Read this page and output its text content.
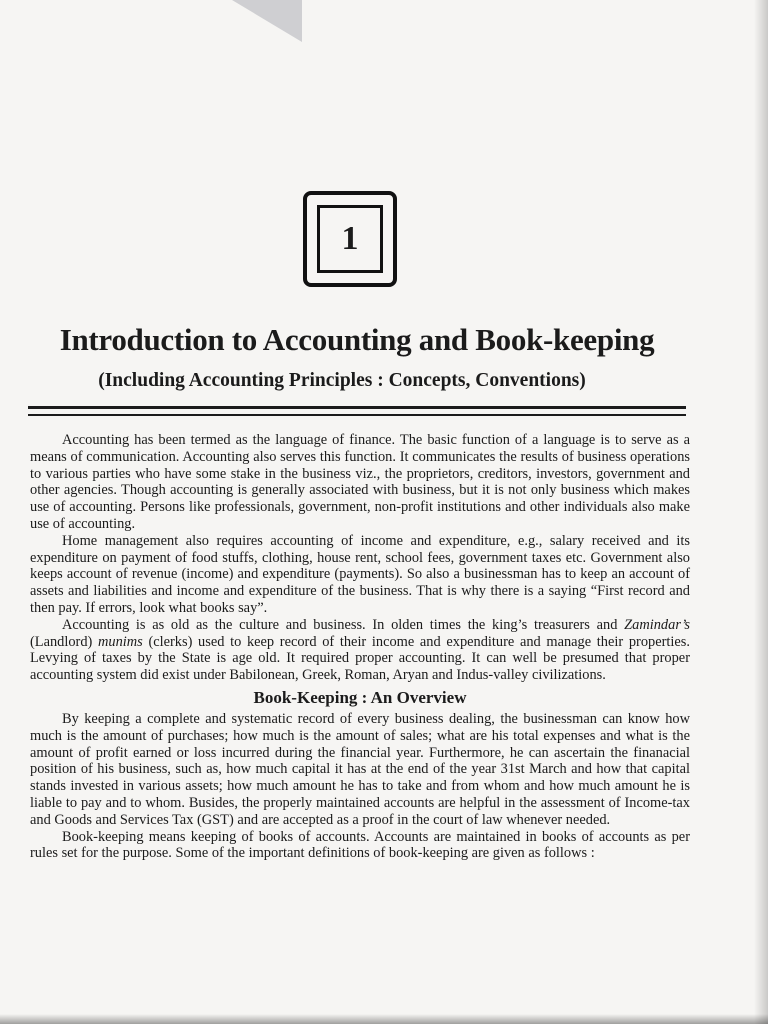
1
Introduction to Accounting and Book-keeping
(Including Accounting Principles : Concepts, Conventions)

Accounting has been termed as the language of finance. The basic function of a language is to serve as a means of communication. Accounting also serves this function. It communicates the results of business operations to various parties who have some stake in the business viz., the proprietors, creditors, investors, government and other agencies. Though accounting is generally associated with business, but it is not only business which makes use of accounting. Persons like professionals, government, non-profit institutions and other individuals also make use of accounting.

Home management also requires accounting of income and expenditure, e.g., salary received and its expenditure on payment of food stuffs, clothing, house rent, school fees, government taxes etc. Government also keeps account of revenue (income) and expenditure (payments). So also a businessman has to keep an account of assets and liabilities and income and expenditure of the business. That is why there is a saying “First record and then pay. If errors, look what books say”.

Accounting is as old as the culture and business. In olden times the king’s treasurers and Zamindar’s (Landlord) munims (clerks) used to keep record of their income and expenditure and manage their properties. Levying of taxes by the State is age old. It required proper accounting. It can well be presumed that proper accounting system did exist under Babilonean, Greek, Roman, Aryan and Indus-valley civilizations.

Book-Keeping : An Overview

By keeping a complete and systematic record of every business dealing, the businessman can know how much is the amount of purchases; how much is the amount of sales; what are his total expenses and what is the amount of profit earned or loss incurred during the financial year. Furthermore, he can ascertain the finanacial position of his business, such as, how much capital it has at the end of the year 31st March and how that capital stands invested in various assets; how much amount he has to take and from whom and how much amount he is liable to pay and to whom. Busides, the properly maintained accounts are helpful in the assessment of Income-tax and Goods and Services Tax (GST) and are accepted as a proof in the court of law whenever needed.

Book-keeping means keeping of books of accounts. Accounts are maintained in books of accounts as per rules set for the purpose. Some of the important definitions of book-keeping are given as follows :
